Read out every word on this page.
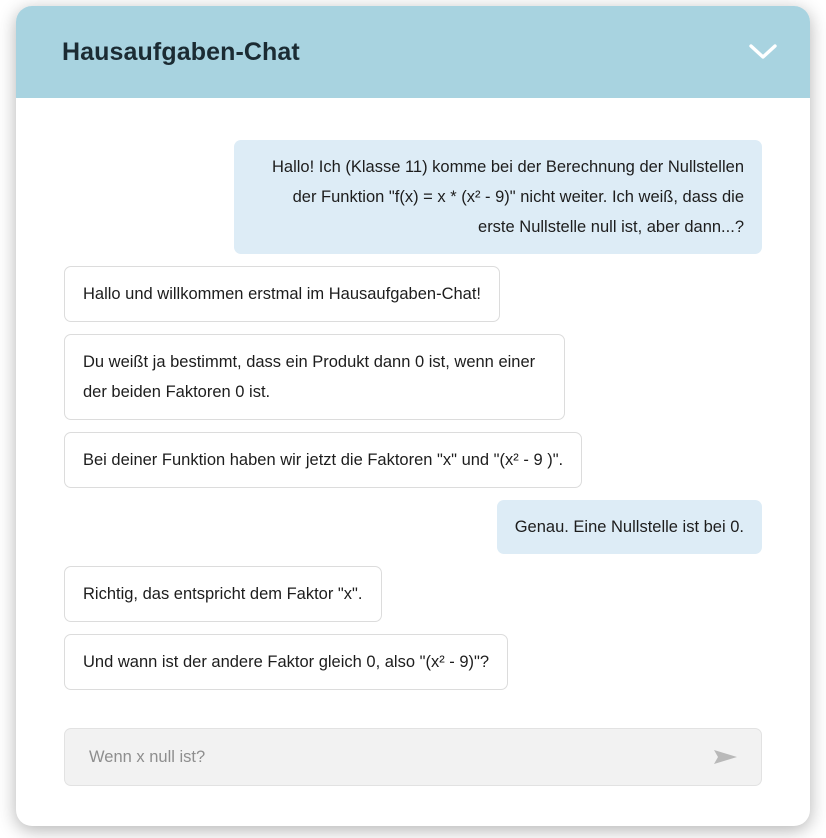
Hausaufgaben-Chat
Hallo! Ich (Klasse 11) komme bei der Berechnung der Nullstellen der Funktion "f(x) = x * (x² - 9)" nicht weiter. Ich weiß, dass die erste Nullstelle null ist, aber dann...?
Hallo und willkommen erstmal im Hausaufgaben-Chat!
Du weißt ja bestimmt, dass ein Produkt dann 0 ist, wenn einer der beiden Faktoren 0 ist.
Bei deiner Funktion haben wir jetzt die Faktoren "x" und "(x² - 9 )".
Genau. Eine Nullstelle ist bei 0.
Richtig, das entspricht dem Faktor "x".
Und wann ist der andere Faktor gleich 0, also "(x² - 9)"?
Wenn x null ist?
